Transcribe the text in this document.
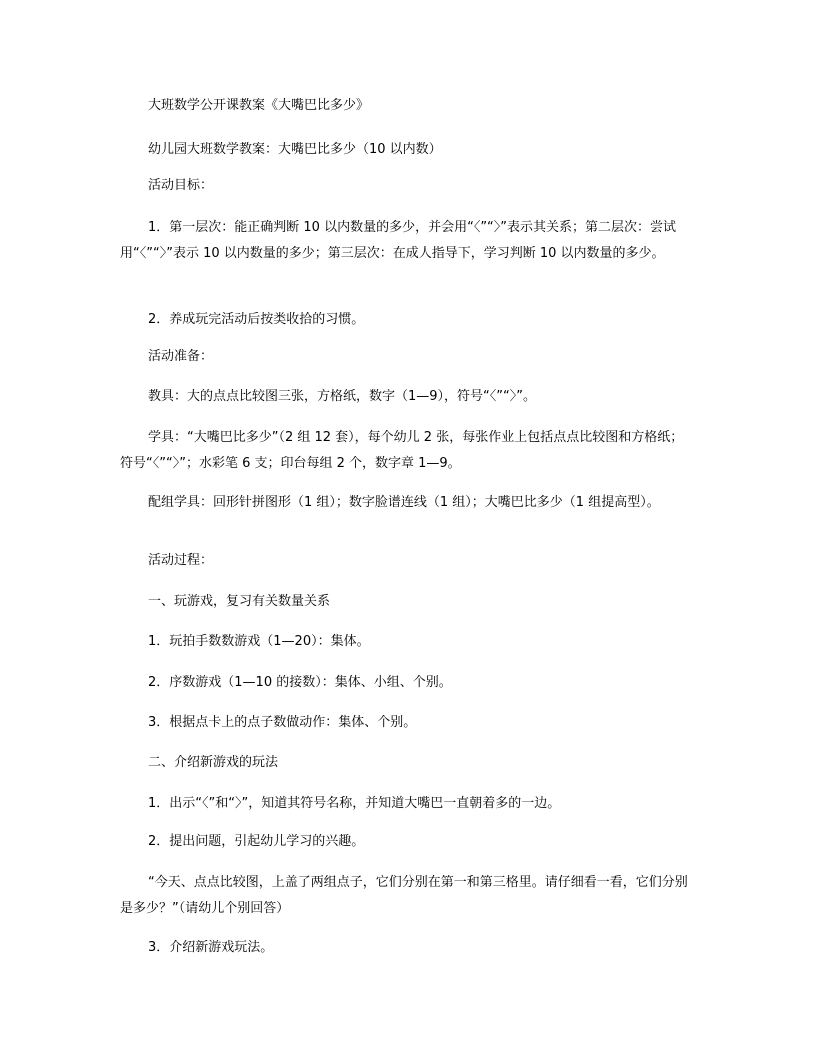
大班数学公开课教案《大嘴巴比多少》

幼儿园大班数学教案：大嘴巴比多少（10 以内数）

活动目标：

1．第一层次：能正确判断 10 以内数量的多少，并会用“〈”“〉”表示其关系；第二层次：尝试用“〈”“〉”表示 10 以内数量的多少；第三层次：在成人指导下，学习判断 10 以内数量的多少。

2．养成玩完活动后按类收拾的习惯。

活动准备：

教具：大的点点比较图三张，方格纸，数字（1—9），符号“〈”“〉”。

学具：“大嘴巴比多少”（2 组 12 套），每个幼儿 2 张，每张作业上包括点点比较图和方格纸；符号“〈”“〉”；水彩笔 6 支；印台每组 2 个，数字章 1—9。

配组学具：回形针拼图形（1 组）；数字脸谱连线（1 组）；大嘴巴比多少（1 组提高型）。

活动过程：

一、玩游戏，复习有关数量关系

1．玩拍手数数游戏（1—20）：集体。

2．序数游戏（1—10 的接数）：集体、小组、个别。

3．根据点卡上的点子数做动作：集体、个别。

二、介绍新游戏的玩法

1．出示“〈”和“〉”，知道其符号名称，并知道大嘴巴一直朝着多的一边。

2．提出问题，引起幼儿学习的兴趣。

“今天、点点比较图，上盖了两组点子，它们分别在第一和第三格里。请仔细看一看，它们分别是多少？”（请幼儿个别回答）

3．介绍新游戏玩法。
